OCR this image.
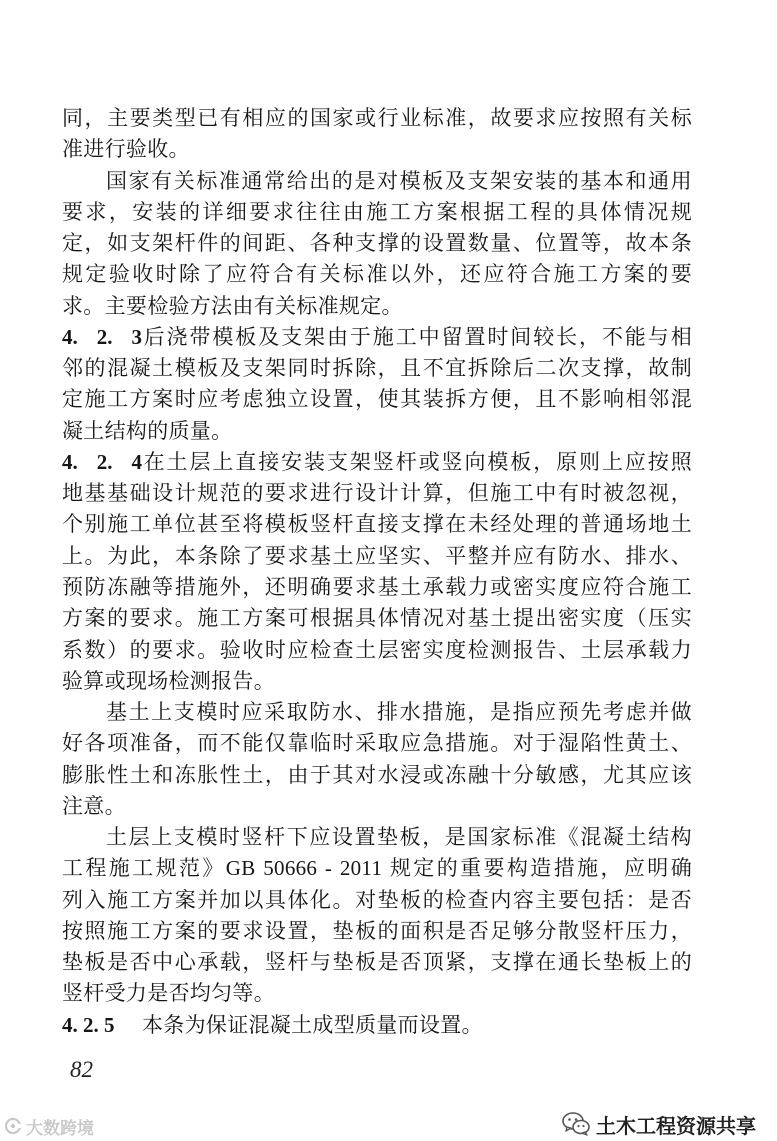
同，主要类型已有相应的国家或行业标准，故要求应按照有关标
准进行验收。
国家有关标准通常给出的是对模板及支架安装的基本和通用
要求，安装的详细要求往往由施工方案根据工程的具体情况规
定，如支架杆件的间距、各种支撑的设置数量、位置等，故本条
规定验收时除了应符合有关标准以外，还应符合施工方案的要
求。主要检验方法由有关标准规定。
4. 2. 3后浇带模板及支架由于施工中留置时间较长，不能与相
邻的混凝土模板及支架同时拆除，且不宜拆除后二次支撑，故制
定施工方案时应考虑独立设置，使其装拆方便，且不影响相邻混
凝土结构的质量。
4. 2. 4在土层上直接安装支架竖杆或竖向模板，原则上应按照
地基基础设计规范的要求进行设计计算，但施工中有时被忽视，
个别施工单位甚至将模板竖杆直接支撑在未经处理的普通场地土
上。为此，本条除了要求基土应坚实、平整并应有防水、排水、
预防冻融等措施外，还明确要求基土承载力或密实度应符合施工
方案的要求。施工方案可根据具体情况对基土提出密实度（压实
系数）的要求。验收时应检查土层密实度检测报告、土层承载力
验算或现场检测报告。
基土上支模时应采取防水、排水措施，是指应预先考虑并做
好各项准备，而不能仅靠临时采取应急措施。对于湿陷性黄土、
膨胀性土和冻胀性土，由于其对水浸或冻融十分敏感，尤其应该
注意。
土层上支模时竖杆下应设置垫板，是国家标准《混凝土结构
工程施工规范》GB 50666 - 2011 规定的重要构造措施，应明确
列入施工方案并加以具体化。对垫板的检查内容主要包括：是否
按照施工方案的要求设置，垫板的面积是否足够分散竖杆压力，
垫板是否中心承载，竖杆与垫板是否顶紧，支撑在通长垫板上的
竖杆受力是否均匀等。
4. 2. 5 本条为保证混凝土成型质量而设置。
82
大数跨境	土木工程资源共享
